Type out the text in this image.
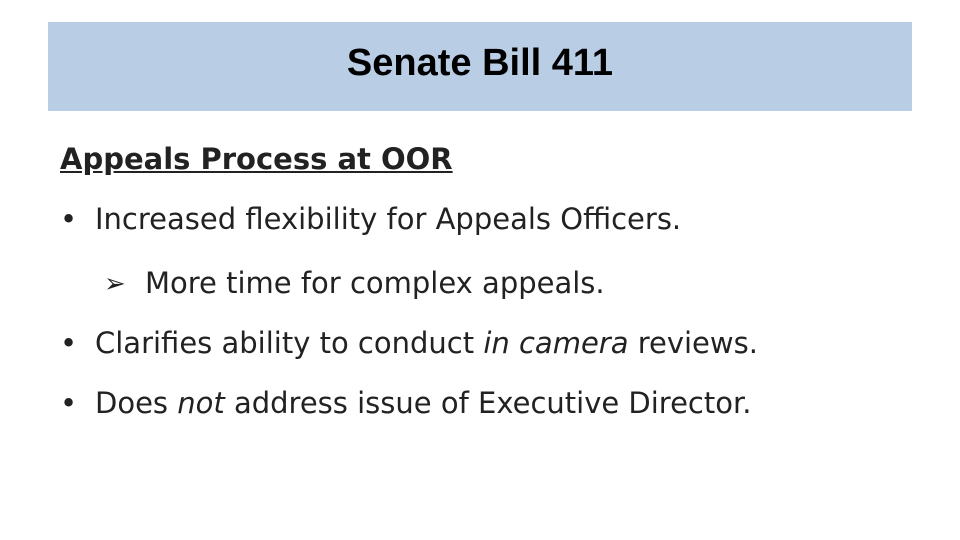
Senate Bill 411
Appeals Process at OOR
• Increased flexibility for Appeals Officers.
➢ More time for complex appeals.
• Clarifies ability to conduct in camera reviews.
• Does not address issue of Executive Director.
